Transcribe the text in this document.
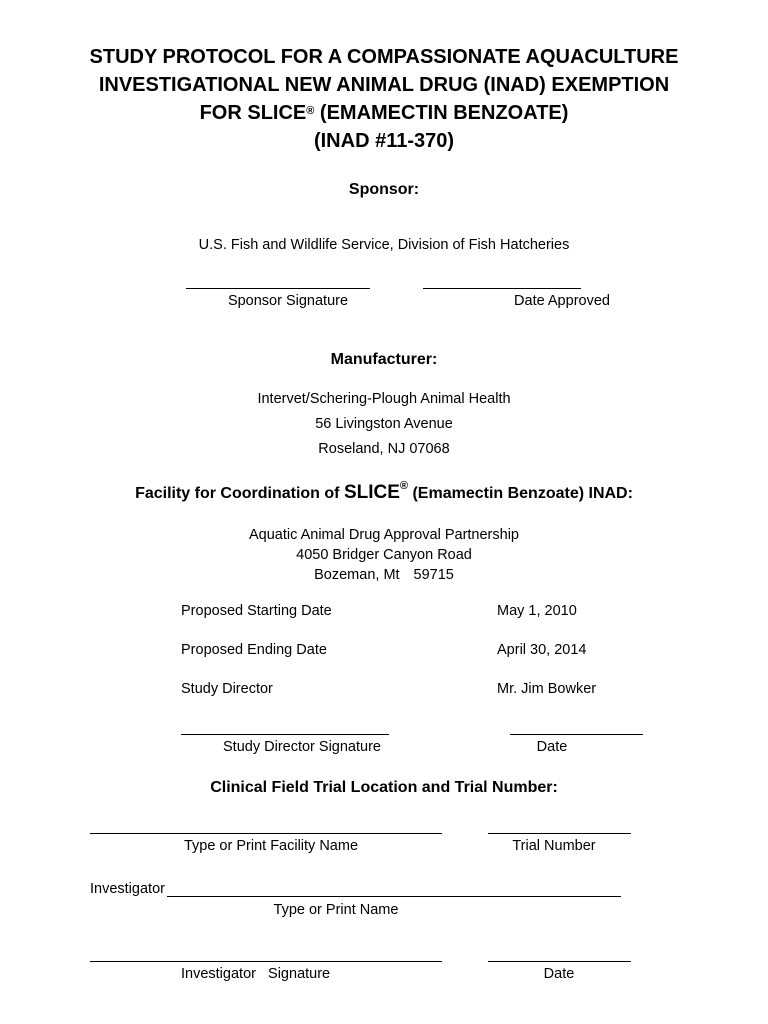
STUDY PROTOCOL FOR A COMPASSIONATE AQUACULTURE
INVESTIGATIONAL NEW ANIMAL DRUG (INAD) EXEMPTION
FOR SLICE® (EMAMECTIN BENZOATE)
(INAD #11-370)
Sponsor:
U.S. Fish and Wildlife Service, Division of Fish Hatcheries
Sponsor Signature	Date Approved
Manufacturer:
Intervet/Schering-Plough Animal Health
56 Livingston Avenue
Roseland, NJ 07068
Facility for Coordination of SLICE® (Emamectin Benzoate) INAD:
Aquatic Animal Drug Approval Partnership
4050 Bridger Canyon Road
Bozeman, Mt 59715
Proposed Starting Date	May 1, 2010
Proposed Ending Date	April 30, 2014
Study Director	Mr. Jim Bowker
Study Director Signature	Date
Clinical Field Trial Location and Trial Number:
Type or Print Facility Name	Trial Number
Investigator
Type or Print Name
Investigator   Signature	Date
